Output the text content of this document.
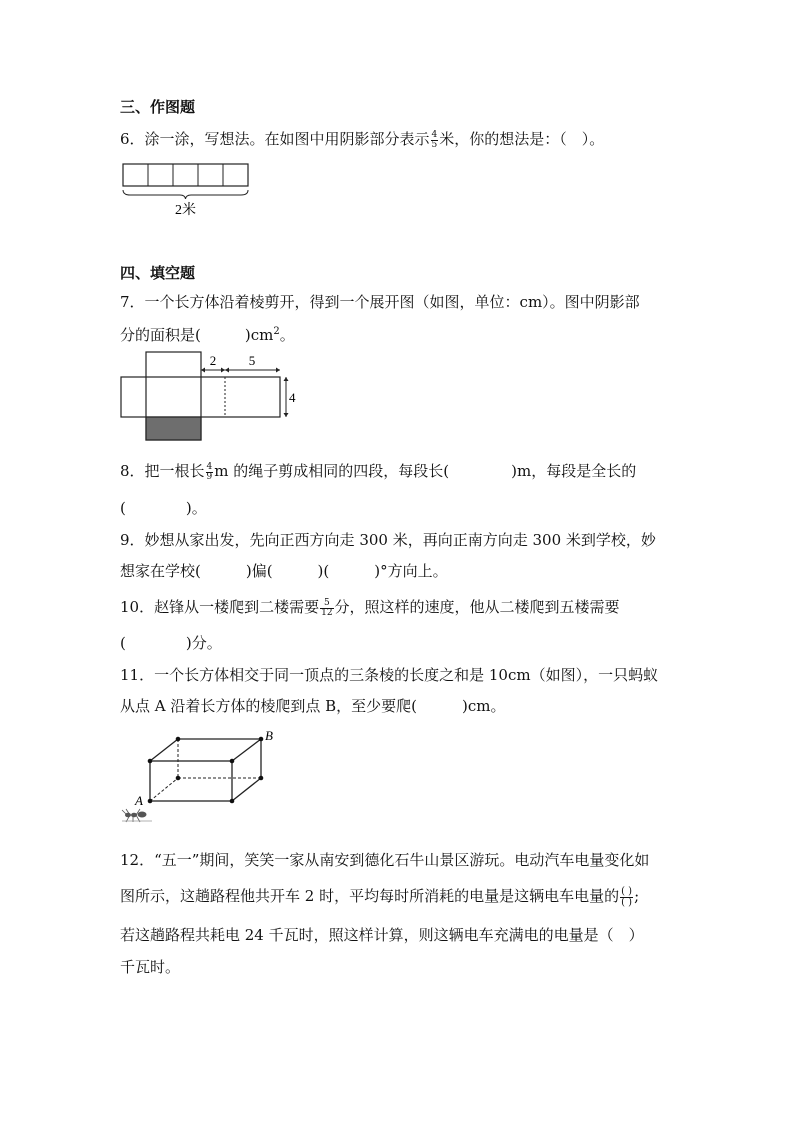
三、作图题
6．涂一涂，写想法。在如图中用阴影部分表示 $\frac{4}{5}$ 米，你的想法是：（　）。
2米
四、填空题
7．一个长方体沿着棱剪开，得到一个展开图（如图，单位：cm）。图中阴影部
分的面积是(	)$cm^2$。
2	5
4
8．把一根长 $\frac{4}{9}$ m 的绳子剪成相同的四段，每段长(	)m，每段是全长的
(　　　　)。
9．妙想从家出发，先向正西方向走 300 米，再向正南方向走 300 米到学校，妙
想家在学校(　　　)偏(　　　)(　　　)°方向上。
10．赵锋从一楼爬到二楼需要 $\frac{5}{12}$ 分，照这样的速度，他从二楼爬到五楼需要
(　　　　)分。
11．一个长方体相交于同一顶点的三条棱的长度之和是 10cm（如图），一只蚂蚁
从点 A 沿着长方体的棱爬到点 B，至少要爬(　　　)cm。
B
A
12．“五一”期间，笑笑一家从南安到德化石牛山景区游玩。电动汽车电量变化如
图所示，这趟路程他共开车 2 时，平均每时所消耗的电量是这辆电车电量的 $\frac{( )}{( )}$ ;
若这趟路程共耗电 24 千瓦时，照这样计算，则这辆电车充满电的电量是（　）
千瓦时。
